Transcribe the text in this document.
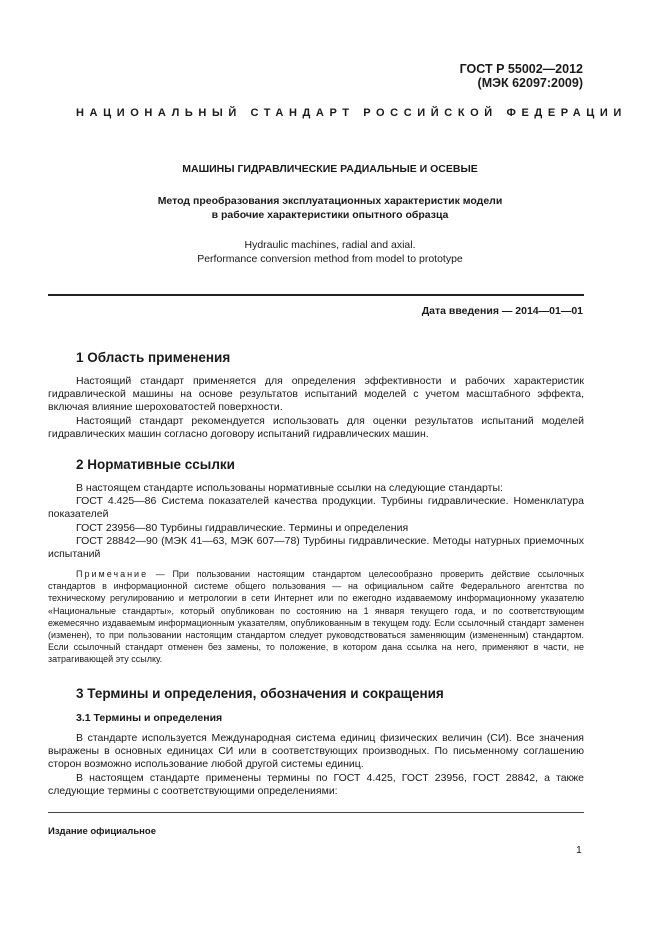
ГОСТ Р 55002—2012
(МЭК 62097:2009)
НАЦИОНАЛЬНЫЙ СТАНДАРТ РОССИЙСКОЙ ФЕДЕРАЦИИ
МАШИНЫ ГИДРАВЛИЧЕСКИЕ РАДИАЛЬНЫЕ И ОСЕВЫЕ
Метод преобразования эксплуатационных характеристик модели
в рабочие характеристики опытного образца
Hydraulic machines, radial and axial.
Performance conversion method from model to prototype
Дата введения — 2014—01—01
1 Область применения

Настоящий стандарт применяется для определения эффективности и рабочих характеристик гидравлической машины на основе результатов испытаний моделей с учетом масштабного эффекта, включая влияние шероховатостей поверхности.

Настоящий стандарт рекомендуется использовать для оценки результатов испытаний моделей гидравлических машин согласно договору испытаний гидравлических машин.

2 Нормативные ссылки

В настоящем стандарте использованы нормативные ссылки на следующие стандарты:

ГОСТ 4.425—86 Система показателей качества продукции. Турбины гидравлические. Номенклатура показателей

ГОСТ 23956—80 Турбины гидравлические. Термины и определения

ГОСТ 28842—90 (МЭК 41—63, МЭК 607—78) Турбины гидравлические. Методы натурных приемочных испытаний

Примечание — При пользовании настоящим стандартом целесообразно проверить действие ссылочных стандартов в информационной системе общего пользования — на официальном сайте Федерального агентства по техническому регулированию и метрологии в сети Интернет или по ежегодно издаваемому информационному указателю «Национальные стандарты», который опубликован по состоянию на 1 января текущего года, и по соответствующим ежемесячно издаваемым информационным указателям, опубликованным в текущем году. Если ссылочный стандарт заменен (изменен), то при пользовании настоящим стандартом следует руководствоваться заменяющим (измененным) стандартом. Если ссылочный стандарт отменен без замены, то положение, в котором дана ссылка на него, применяют в части, не затрагивающей эту ссылку.

3 Термины и определения, обозначения и сокращения
3.1 Термины и определения

В стандарте используется Международная система единиц физических величин (СИ). Все значения выражены в основных единицах СИ или в соответствующих производных. По письменному соглашению сторон возможно использование любой другой системы единиц.

В настоящем стандарте применены термины по ГОСТ 4.425, ГОСТ 23956, ГОСТ 28842, а также следующие термины с соответствующими определениями:

Издание официальное
1
